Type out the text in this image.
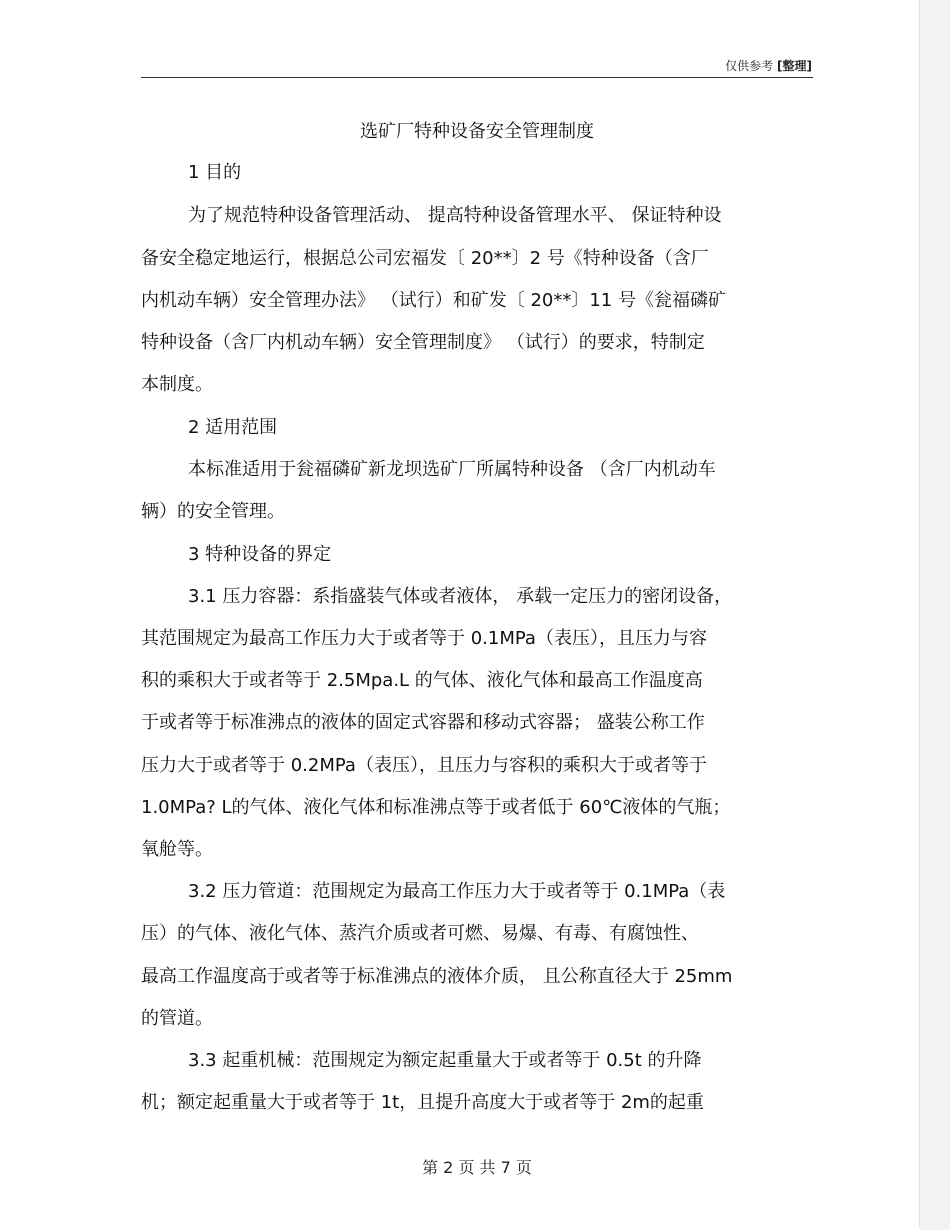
仅供参考 [整理]
选矿厂特种设备安全管理制度
1 目的
为了规范特种设备管理活动、 提高特种设备管理水平、 保证特种设
备安全稳定地运行，根据总公司宏福发〔 20**〕2 号《特种设备（含厂
内机动车辆）安全管理办法》 （试行）和矿发〔 20**〕11 号《瓮福磷矿
特种设备（含厂内机动车辆）安全管理制度》 （试行）的要求，特制定
本制度。
2 适用范围
本标准适用于瓮福磷矿新龙坝选矿厂所属特种设备 （含厂内机动车
辆）的安全管理。
3 特种设备的界定
3.1 压力容器：系指盛装气体或者液体， 承载一定压力的密闭设备，
其范围规定为最高工作压力大于或者等于 0.1MPa（表压），且压力与容
积的乘积大于或者等于 2.5Mpa.L 的气体、液化气体和最高工作温度高
于或者等于标准沸点的液体的固定式容器和移动式容器； 盛装公称工作
压力大于或者等于 0.2MPa（表压），且压力与容积的乘积大于或者等于
1.0MPa? L的气体、液化气体和标准沸点等于或者低于 60℃液体的气瓶；
氧舱等。
3.2 压力管道：范围规定为最高工作压力大于或者等于 0.1MPa（表
压）的气体、液化气体、蒸汽介质或者可燃、易爆、有毒、有腐蚀性、
最高工作温度高于或者等于标准沸点的液体介质， 且公称直径大于 25mm
的管道。
3.3 起重机械：范围规定为额定起重量大于或者等于 0.5t 的升降
机；额定起重量大于或者等于 1t，且提升高度大于或者等于 2m的起重
第 2 页 共 7 页
